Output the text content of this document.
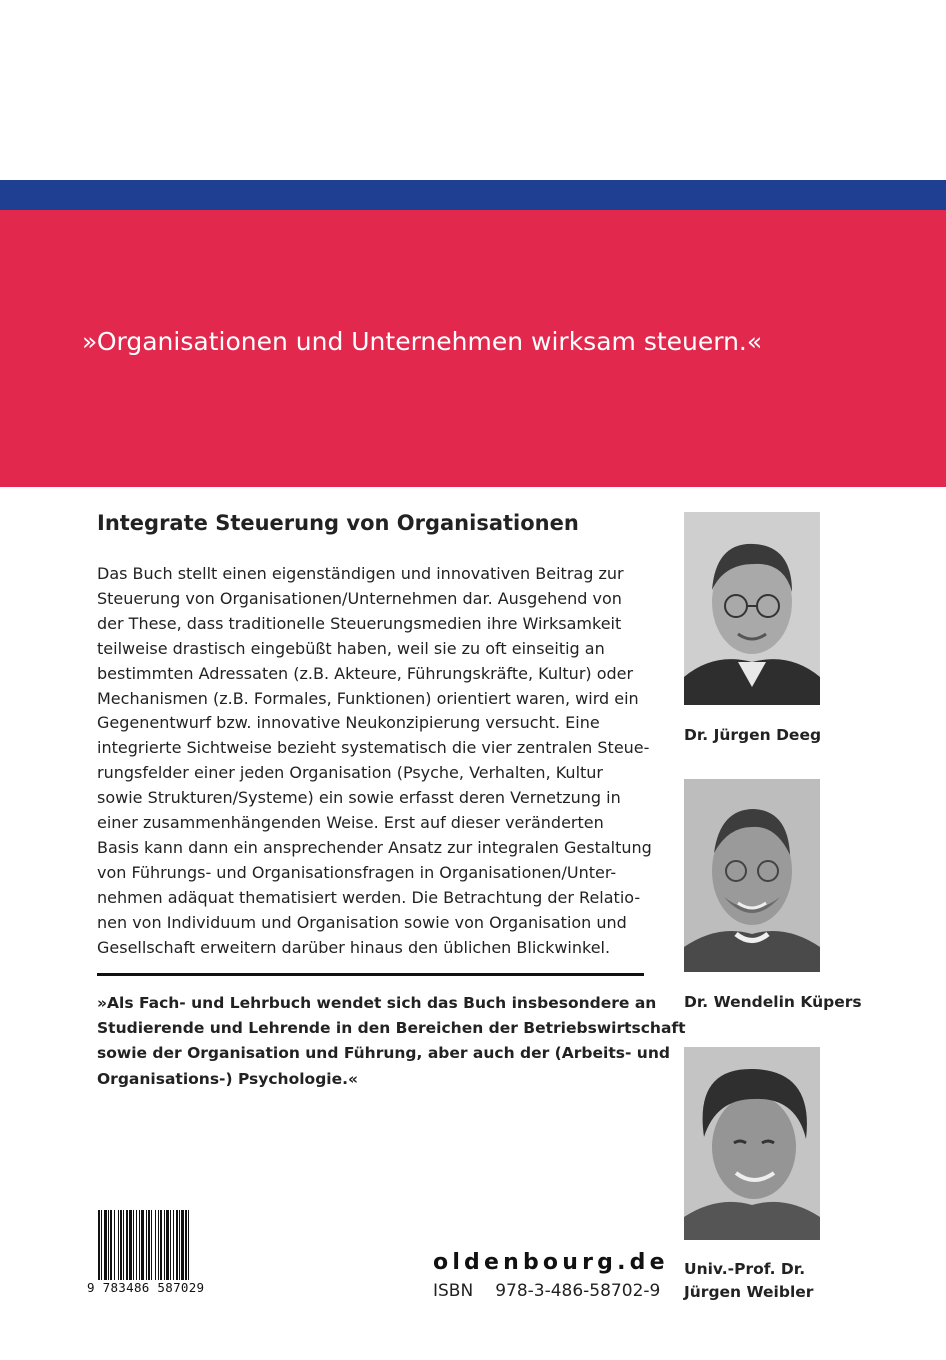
»Organisationen und Unternehmen wirksam steuern.«

Integrate Steuerung von Organisationen
Das Buch stellt einen eigenständigen und innovativen Beitrag zur
Steuerung von Organisationen/Unternehmen dar. Ausgehend von
der These, dass traditionelle Steuerungsmedien ihre Wirksamkeit
teilweise drastisch eingebüßt haben, weil sie zu oft einseitig an
bestimmten Adressaten (z.B. Akteure, Führungskräfte, Kultur) oder
Mechanismen (z.B. Formales, Funktionen) orientiert waren, wird ein
Gegenentwurf bzw. innovative Neukonzipierung versucht. Eine
integrierte Sichtweise bezieht systematisch die vier zentralen Steue-
rungsfelder einer jeden Organisation (Psyche, Verhalten, Kultur
sowie Strukturen/Systeme) ein sowie erfasst deren Vernetzung in
einer zusammenhängenden Weise. Erst auf dieser veränderten
Basis kann dann ein ansprechender Ansatz zur integralen Gestaltung
von Führungs- und Organisationsfragen in Organisationen/Unter-
nehmen adäquat thematisiert werden. Die Betrachtung der Relatio-
nen von Individuum und Organisation sowie von Organisation und
Gesellschaft erweitern darüber hinaus den üblichen Blickwinkel.
»Als Fach- und Lehrbuch wendet sich das Buch insbesondere an
Studierende und Lehrende in den Bereichen der Betriebswirtschaft
sowie der Organisation und Führung, aber auch der (Arbeits- und
Organisations-) Psychologie.«

Dr. Jürgen Deeg

Dr. Wendelin Küpers

Univ.-Prof. Dr.
Jürgen Weibler

9 783486 587029

oldenbourg.de

ISBN 978-3-486-58702-9
